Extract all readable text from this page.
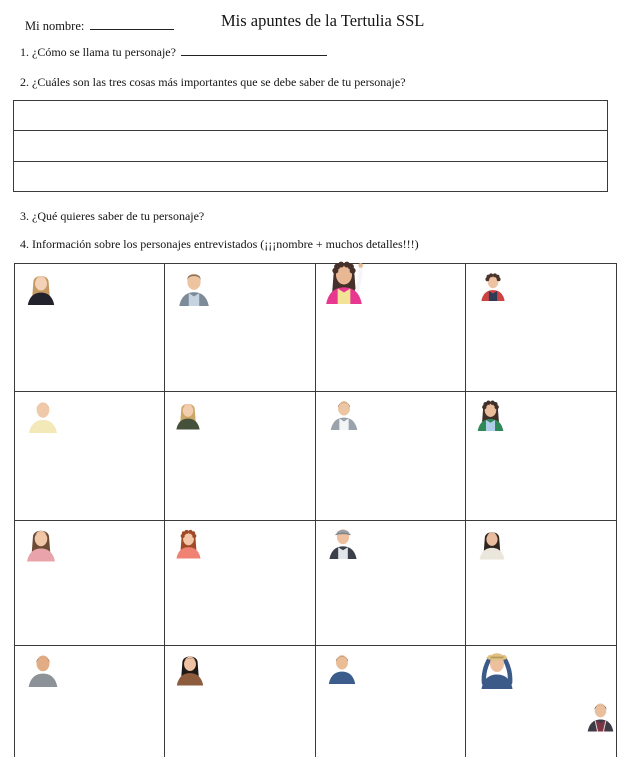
Mi nombre:	Mis apuntes de la Tertulia SSL
1. ¿Cómo se llama tu personaje?
2. ¿Cuáles son las tres cosas más importantes que se debe saber de tu personaje?
3. ¿Qué quieres saber de tu personaje?
4. Información sobre los personajes entrevistados (¡¡¡nombre + muchos detalles!!!)
